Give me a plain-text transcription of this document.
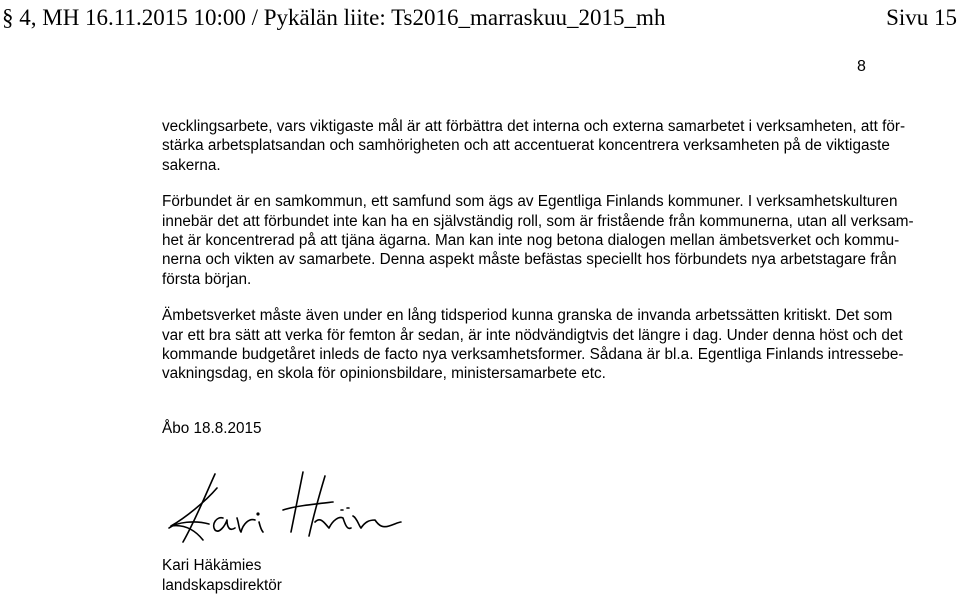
§ 4, MH 16.11.2015 10:00 / Pykälän liite: Ts2016_marraskuu_2015_mh	Sivu 15
8

vecklingsarbete, vars viktigaste mål är att förbättra det interna och externa samarbetet i verksamheten, att för-
stärka arbetsplatsandan och samhörigheten och att accentuerat koncentrera verksamheten på de viktigaste
sakerna.

Förbundet är en samkommun, ett samfund som ägs av Egentliga Finlands kommuner. I verksamhetskulturen
innebär det att förbundet inte kan ha en självständig roll, som är fristående från kommunerna, utan all verksam-
het är koncentrerad på att tjäna ägarna. Man kan inte nog betona dialogen mellan ämbetsverket och kommu-
nerna och vikten av samarbete. Denna aspekt måste befästas speciellt hos förbundets nya arbetstagare från
första början.

Ämbetsverket måste även under en lång tidsperiod kunna granska de invanda arbetssätten kritiskt. Det som
var ett bra sätt att verka för femton år sedan, är inte nödvändigtvis det längre i dag. Under denna höst och det
kommande budgetåret inleds de facto nya verksamhetsformer. Sådana är bl.a. Egentliga Finlands intressebe-
vakningsdag, en skola för opinionsbildare, ministersamarbete etc.

Åbo 18.8.2015
Kari Häkämies
landskapsdirektör
